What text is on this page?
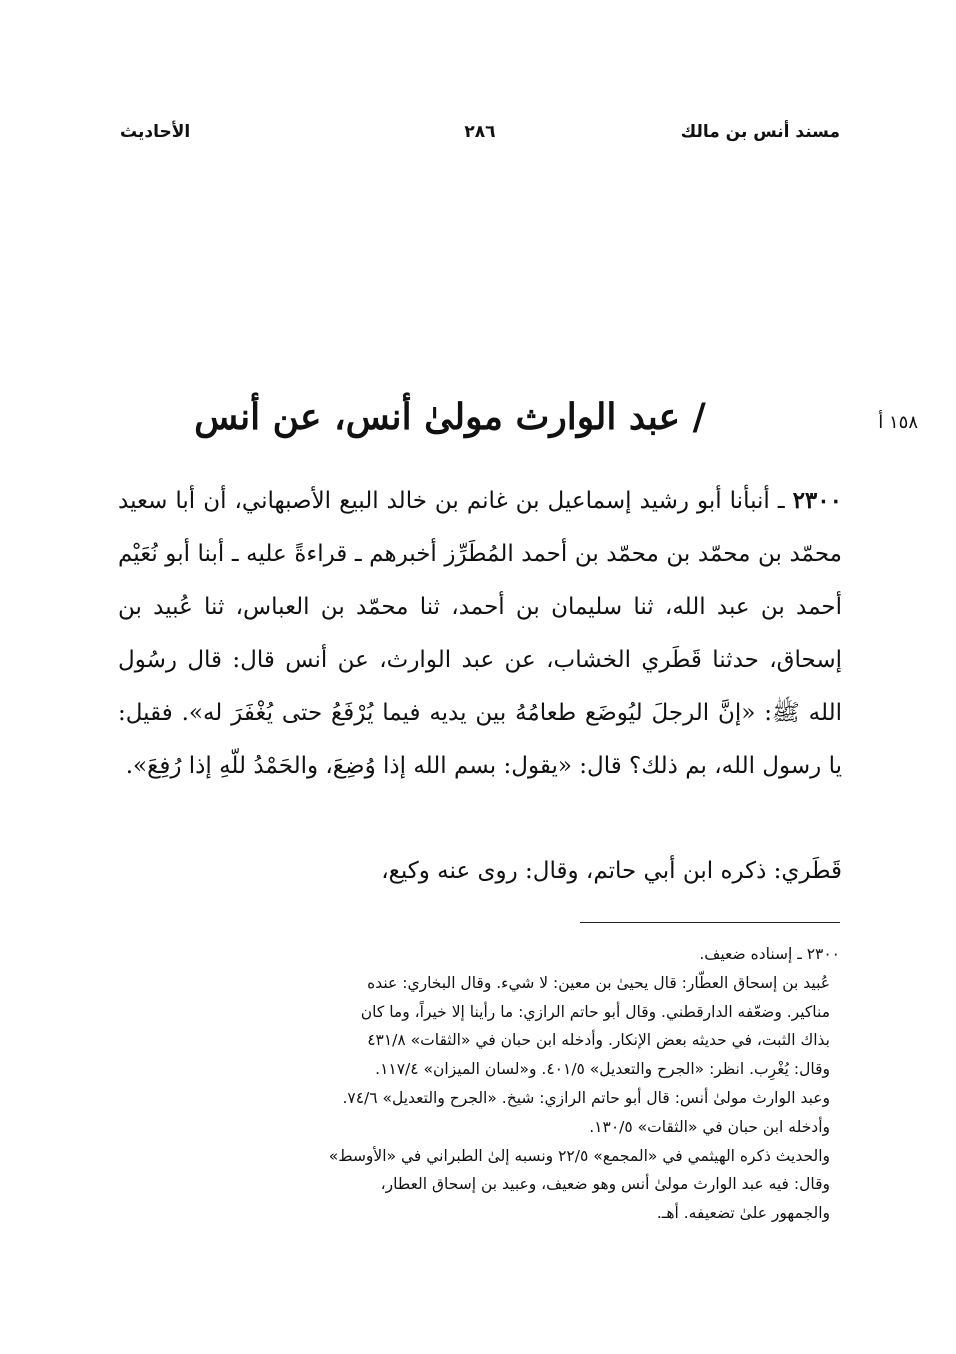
مسند أنس بن مالك
٢٨٦
الأحاديث
١٥٨ أ
/ عبد الوارث مولىٰ أنس، عن أنس
٢٣٠٠ ـ أنبأنا أبو رشيد إسماعيل بن غانم بن خالد البيع الأصبهاني، أن أبا سعيد محمّد بن محمّد بن محمّد بن أحمد المُطَرِّز أخبرهم ـ قراءةً عليه ـ أبنا أبو نُعَيْم أحمد بن عبد الله، ثنا سليمان بن أحمد، ثنا محمّد بن العباس، ثنا عُبيد بن إسحاق، حدثنا قَطَري الخشاب، عن عبد الوارث، عن أنس قال: قال رسُول الله ﷺ: «إنَّ الرجلَ ليُوضَع طعامُهُ بين يديه فيما يُرْفَعُ حتى يُغْفَرَ له». فقيل: يا رسول الله، بم ذلك؟ قال: «يقول: بسم الله إذا وُضِعَ، والحَمْدُ للّهِ إذا رُفِعَ».
قَطَري: ذكره ابن أبي حاتم، وقال: روى عنه وكيع،
٢٣٠٠ ـ إسناده ضعيف.
عُبيد بن إسحاق العطّار: قال يحيىٰ بن معين: لا شيء. وقال البخاري: عنده
مناكير. وضعّفه الدارقطني. وقال أبو حاتم الرازي: ما رأينا إلا خيراً، وما كان
بذاك الثبت، في حديثه بعض الإنكار. وأدخله ابن حبان في «الثقات» ٤٣١/٨
وقال: يُغْرِب. انظر: «الجرح والتعديل» ٤٠١/٥. و«لسان الميزان» ١١٧/٤.
وعبد الوارث مولىٰ أنس: قال أبو حاتم الرازي: شيخ. «الجرح والتعديل» ٧٤/٦.
وأدخله ابن حبان في «الثقات» ١٣٠/٥.
والحديث ذكره الهيثمي في «المجمع» ٢٢/٥ ونسبه إلىٰ الطبراني في «الأوسط»
وقال: فيه عبد الوارث مولىٰ أنس وهو ضعيف، وعبيد بن إسحاق العطار،
والجمهور علىٰ تضعيفه. أهـ.
